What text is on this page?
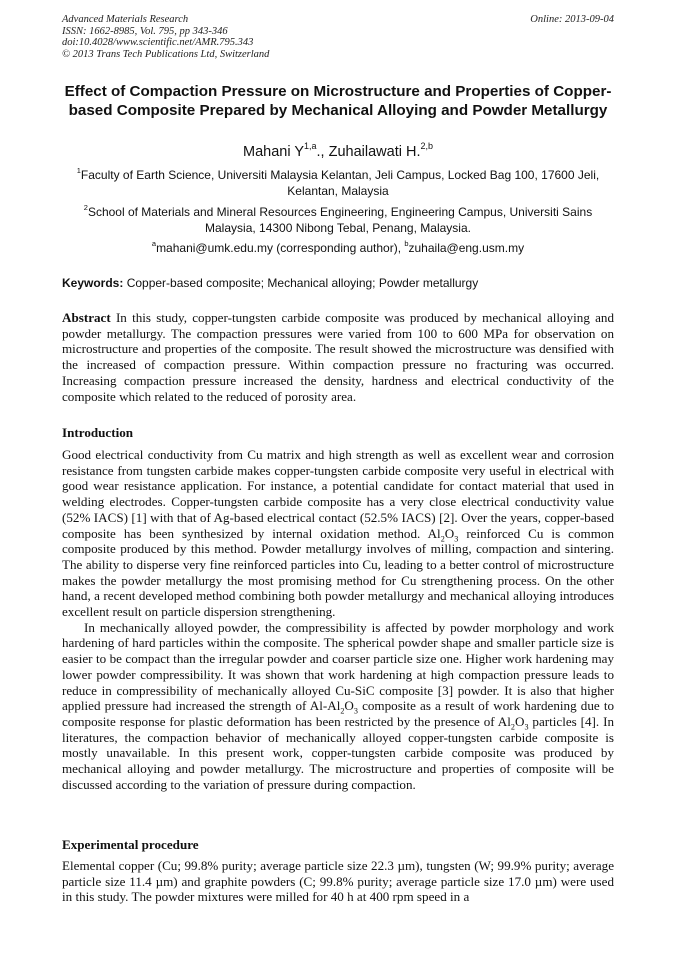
Advanced Materials Research
ISSN: 1662-8985, Vol. 795, pp 343-346
doi:10.4028/www.scientific.net/AMR.795.343
© 2013 Trans Tech Publications Ltd, Switzerland
Online: 2013-09-04
Effect of Compaction Pressure on Microstructure and Properties of Copper-based Composite Prepared by Mechanical Alloying and Powder Metallurgy
Mahani Y$^{1,a}$., Zuhailawati H.$^{2,b}$
$^1$Faculty of Earth Science, Universiti Malaysia Kelantan, Jeli Campus, Locked Bag 100, 17600 Jeli, Kelantan, Malaysia
$^2$School of Materials and Mineral Resources Engineering, Engineering Campus, Universiti Sains Malaysia, 14300 Nibong Tebal, Penang, Malaysia.
$^a$mahani@umk.edu.my (corresponding author), $^b$zuhaila@eng.usm.my
Keywords: Copper-based composite; Mechanical alloying; Powder metallurgy
Abstract In this study, copper-tungsten carbide composite was produced by mechanical alloying and powder metallurgy. The compaction pressures were varied from 100 to 600 MPa for observation on microstructure and properties of the composite. The result showed the microstructure was densified with the increased of compaction pressure. Within compaction pressure no fracturing was occurred. Increasing compaction pressure increased the density, hardness and electrical conductivity of the composite which related to the reduced of porosity area.
Introduction

Good electrical conductivity from Cu matrix and high strength as well as excellent wear and corrosion resistance from tungsten carbide makes copper-tungsten carbide composite very useful in electrical with good wear resistance application. For instance, a potential candidate for contact material that used in welding electrodes. Copper-tungsten carbide composite has a very close electrical conductivity value (52% IACS) [1] with that of Ag-based electrical contact (52.5% IACS) [2]. Over the years, copper-based composite has been synthesized by internal oxidation method. $Al_2O_3$ reinforced Cu is common composite produced by this method. Powder metallurgy involves of milling, compaction and sintering. The ability to disperse very fine reinforced particles into Cu, leading to a better control of microstructure makes the powder metallurgy the most promising method for Cu strengthening process. On the other hand, a recent developed method combining both powder metallurgy and mechanical alloying introduces excellent result on particle dispersion strengthening.

In mechanically alloyed powder, the compressibility is affected by powder morphology and work hardening of hard particles within the composite. The spherical powder shape and smaller particle size is easier to be compact than the irregular powder and coarser particle size one. Higher work hardening may lower powder compressibility. It was shown that work hardening at high compaction pressure leads to reduce in compressibility of mechanically alloyed Cu-SiC composite [3] powder. It is also that higher applied pressure had increased the strength of $Al-Al_2O_3$ composite as a result of work hardening due to composite response for plastic deformation has been restricted by the presence of $Al_2O_3$ particles [4]. In literatures, the compaction behavior of mechanically alloyed copper-tungsten carbide composite is mostly unavailable. In this present work, copper-tungsten carbide composite was produced by mechanical alloying and powder metallurgy. The microstructure and properties of composite will be discussed according to the variation of pressure during compaction.

Experimental procedure
Elemental copper (Cu; 99.8% purity; average particle size 22.3 µm), tungsten (W; 99.9% purity; average particle size 11.4 µm) and graphite powders (C; 99.8% purity; average particle size 17.0 µm) were used in this study. The powder mixtures were milled for 40 h at 400 rpm speed in a
